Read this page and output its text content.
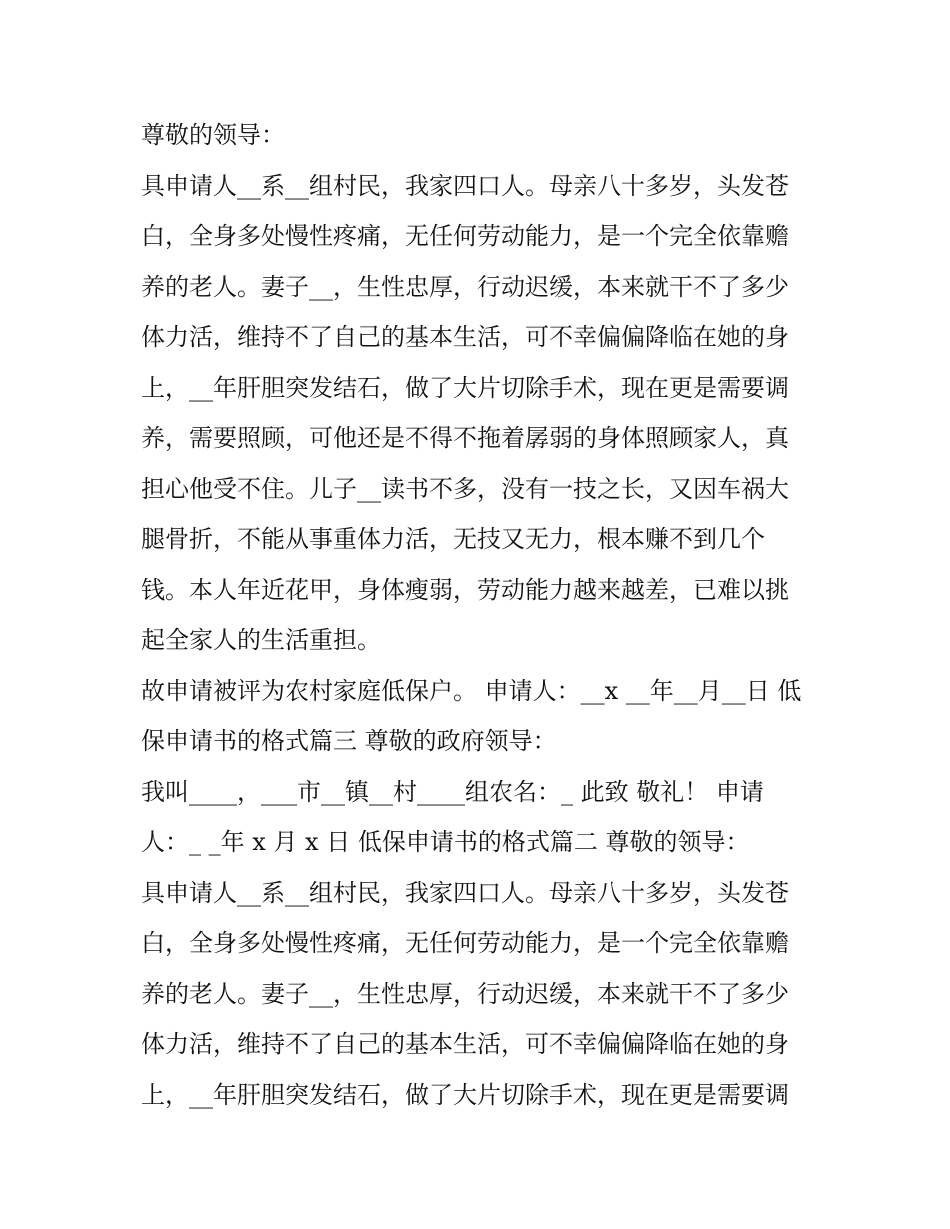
尊敬的领导：
具申请人__系__组村民，我家四口人。母亲八十多岁，头发苍
白，全身多处慢性疼痛，无任何劳动能力，是一个完全依靠赡
养的老人。妻子__，生性忠厚，行动迟缓，本来就干不了多少
体力活，维持不了自己的基本生活，可不幸偏偏降临在她的身
上，__年肝胆突发结石，做了大片切除手术，现在更是需要调
养，需要照顾，可他还是不得不拖着孱弱的身体照顾家人，真
担心他受不住。儿子__读书不多，没有一技之长，又因车祸大
腿骨折，不能从事重体力活，无技又无力，根本赚不到几个
钱。本人年近花甲，身体瘦弱，劳动能力越来越差，已难以挑
起全家人的生活重担。
故申请被评为农村家庭低保户。 申请人：__x __年__月__日 低
保申请书的格式篇三 尊敬的政府领导：
我叫____，___市__镇__村____组农名：_ 此致 敬礼！ 申请
人：_ _年 x 月 x 日 低保申请书的格式篇二 尊敬的领导：
具申请人__系__组村民，我家四口人。母亲八十多岁，头发苍
白，全身多处慢性疼痛，无任何劳动能力，是一个完全依靠赡
养的老人。妻子__，生性忠厚，行动迟缓，本来就干不了多少
体力活，维持不了自己的基本生活，可不幸偏偏降临在她的身
上，__年肝胆突发结石，做了大片切除手术，现在更是需要调
